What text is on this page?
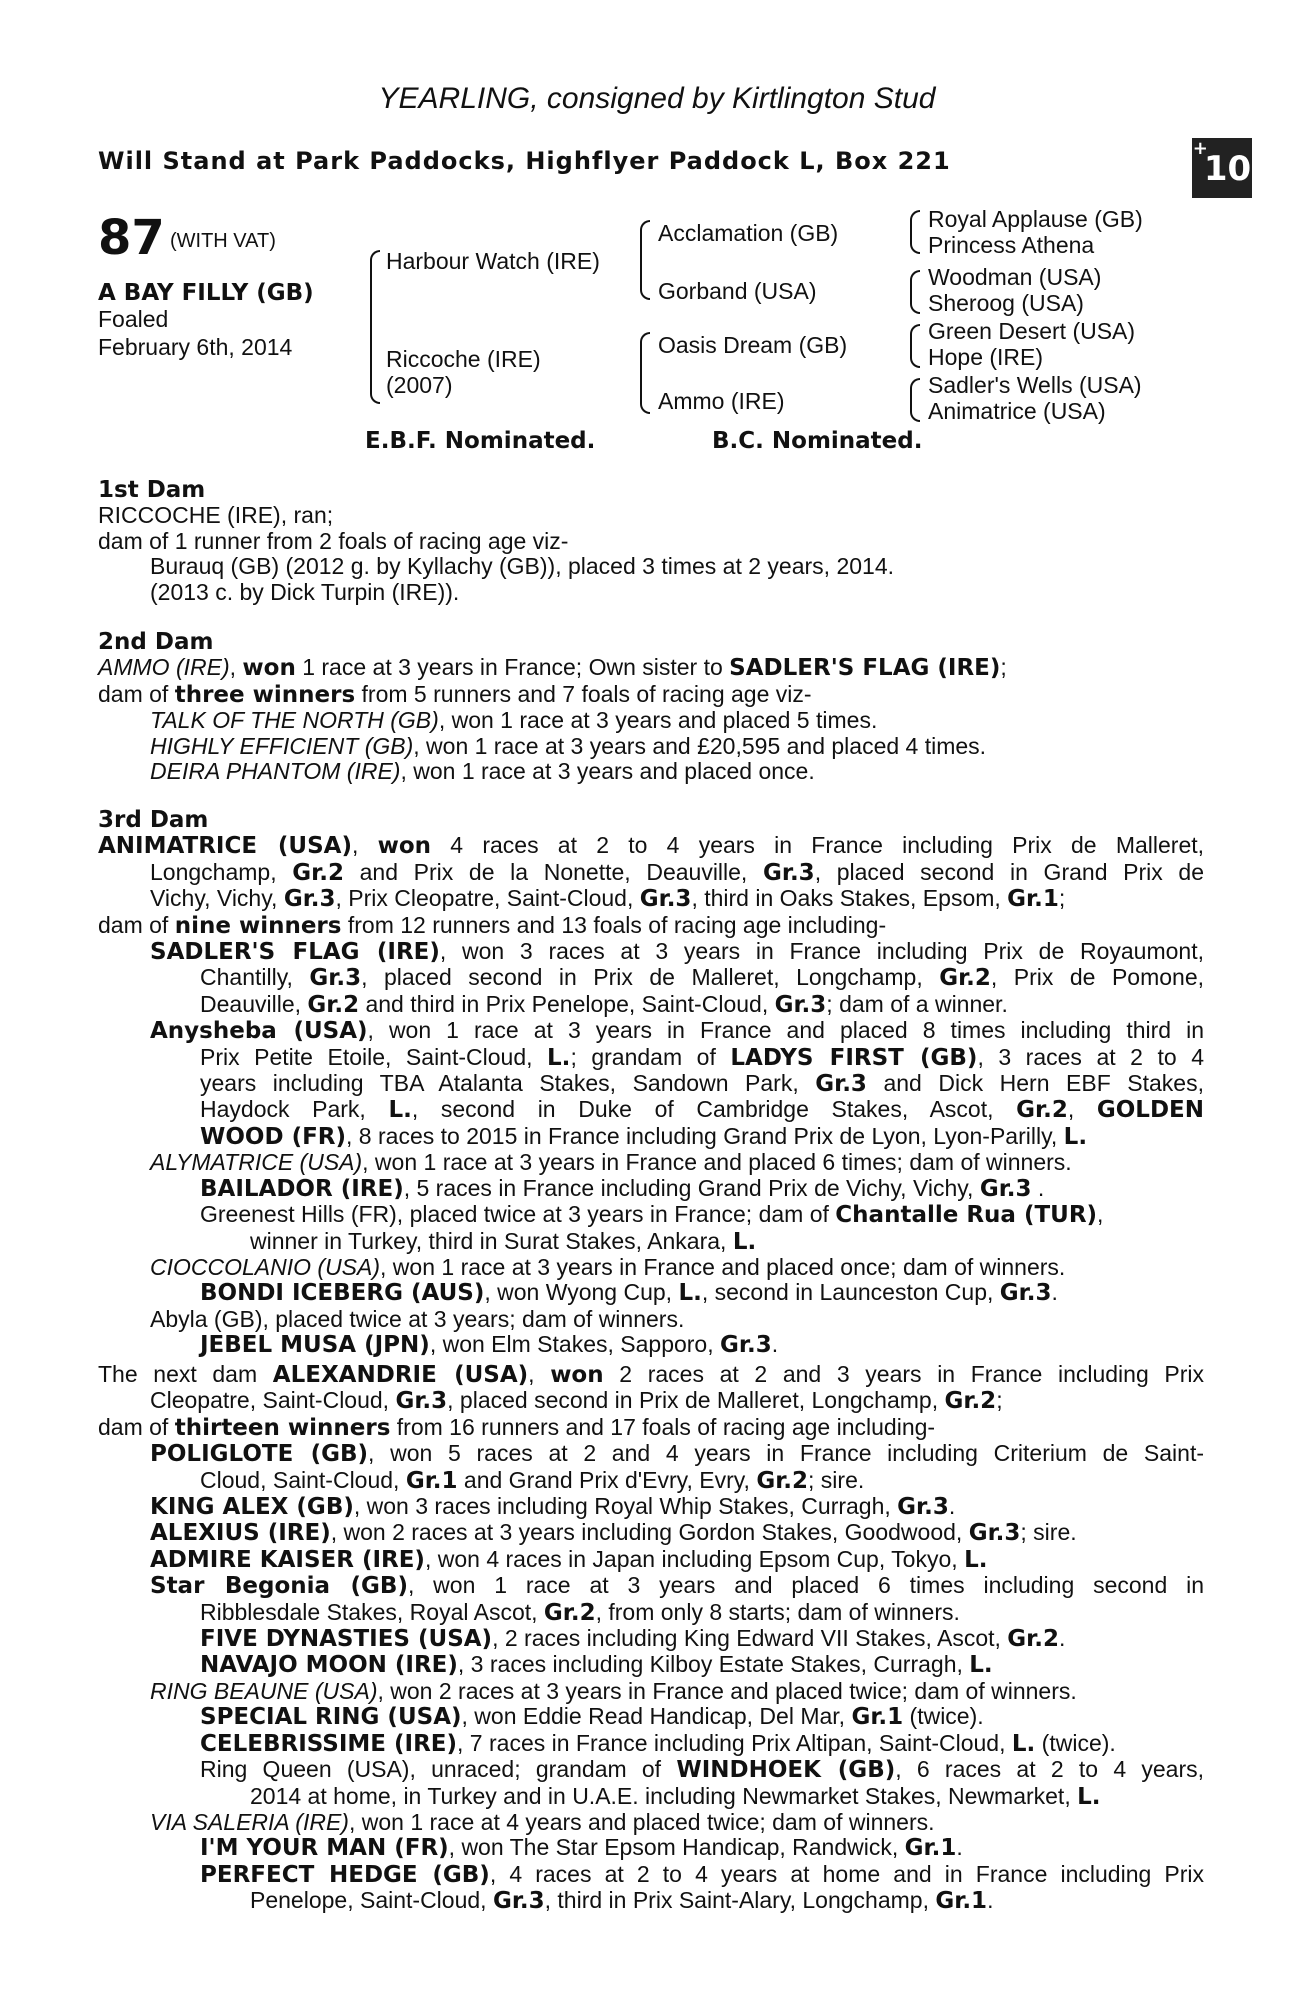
YEARLING, consigned by Kirtlington Stud
Will Stand at Park Paddocks, Highflyer Paddock L, Box 221	+10
87 (WITH VAT)
A BAY FILLY (GB)
Foaled
February 6th, 2014
Harbour Watch (IRE)
Riccoche (IRE)
(2007)
Acclamation (GB)
Gorband (USA)
Oasis Dream (GB)
Ammo (IRE)
Royal Applause (GB)
Princess Athena
Woodman (USA)
Sheroog (USA)
Green Desert (USA)
Hope (IRE)
Sadler's Wells (USA)
Animatrice (USA)
E.B.F. Nominated.	B.C. Nominated.
1st Dam
RICCOCHE (IRE), ran;
dam of 1 runner from 2 foals of racing age viz-
Burauq (GB) (2012 g. by Kyllachy (GB)), placed 3 times at 2 years, 2014.
(2013 c. by Dick Turpin (IRE)).
2nd Dam
AMMO (IRE), won 1 race at 3 years in France; Own sister to SADLER'S FLAG (IRE);
dam of three winners from 5 runners and 7 foals of racing age viz-
TALK OF THE NORTH (GB), won 1 race at 3 years and placed 5 times.
HIGHLY EFFICIENT (GB), won 1 race at 3 years and £20,595 and placed 4 times.
DEIRA PHANTOM (IRE), won 1 race at 3 years and placed once.
3rd Dam
ANIMATRICE (USA), won 4 races at 2 to 4 years in France including Prix de Malleret,
Longchamp, Gr.2 and Prix de la Nonette, Deauville, Gr.3, placed second in Grand Prix de
Vichy, Vichy, Gr.3, Prix Cleopatre, Saint-Cloud, Gr.3, third in Oaks Stakes, Epsom, Gr.1;
dam of nine winners from 12 runners and 13 foals of racing age including-
SADLER'S FLAG (IRE), won 3 races at 3 years in France including Prix de Royaumont,
Chantilly, Gr.3, placed second in Prix de Malleret, Longchamp, Gr.2, Prix de Pomone,
Deauville, Gr.2 and third in Prix Penelope, Saint-Cloud, Gr.3; dam of a winner.
Anysheba (USA), won 1 race at 3 years in France and placed 8 times including third in
Prix Petite Etoile, Saint-Cloud, L.; grandam of LADYS FIRST (GB), 3 races at 2 to 4
years including TBA Atalanta Stakes, Sandown Park, Gr.3 and Dick Hern EBF Stakes,
Haydock Park, L., second in Duke of Cambridge Stakes, Ascot, Gr.2, GOLDEN
WOOD (FR), 8 races to 2015 in France including Grand Prix de Lyon, Lyon-Parilly, L.
ALYMATRICE (USA), won 1 race at 3 years in France and placed 6 times; dam of winners.
BAILADOR (IRE), 5 races in France including Grand Prix de Vichy, Vichy, Gr.3 .
Greenest Hills (FR), placed twice at 3 years in France; dam of Chantalle Rua (TUR),
winner in Turkey, third in Surat Stakes, Ankara, L.
CIOCCOLANIO (USA), won 1 race at 3 years in France and placed once; dam of winners.
BONDI ICEBERG (AUS), won Wyong Cup, L., second in Launceston Cup, Gr.3.
Abyla (GB), placed twice at 3 years; dam of winners.
JEBEL MUSA (JPN), won Elm Stakes, Sapporo, Gr.3.
The next dam ALEXANDRIE (USA), won 2 races at 2 and 3 years in France including Prix
Cleopatre, Saint-Cloud, Gr.3, placed second in Prix de Malleret, Longchamp, Gr.2;
dam of thirteen winners from 16 runners and 17 foals of racing age including-
POLIGLOTE (GB), won 5 races at 2 and 4 years in France including Criterium de Saint-
Cloud, Saint-Cloud, Gr.1 and Grand Prix d'Evry, Evry, Gr.2; sire.
KING ALEX (GB), won 3 races including Royal Whip Stakes, Curragh, Gr.3.
ALEXIUS (IRE), won 2 races at 3 years including Gordon Stakes, Goodwood, Gr.3; sire.
ADMIRE KAISER (IRE), won 4 races in Japan including Epsom Cup, Tokyo, L.
Star Begonia (GB), won 1 race at 3 years and placed 6 times including second in
Ribblesdale Stakes, Royal Ascot, Gr.2, from only 8 starts; dam of winners.
FIVE DYNASTIES (USA), 2 races including King Edward VII Stakes, Ascot, Gr.2.
NAVAJO MOON (IRE), 3 races including Kilboy Estate Stakes, Curragh, L.
RING BEAUNE (USA), won 2 races at 3 years in France and placed twice; dam of winners.
SPECIAL RING (USA), won Eddie Read Handicap, Del Mar, Gr.1 (twice).
CELEBRISSIME (IRE), 7 races in France including Prix Altipan, Saint-Cloud, L. (twice).
Ring Queen (USA), unraced; grandam of WINDHOEK (GB), 6 races at 2 to 4 years,
2014 at home, in Turkey and in U.A.E. including Newmarket Stakes, Newmarket, L.
VIA SALERIA (IRE), won 1 race at 4 years and placed twice; dam of winners.
I'M YOUR MAN (FR), won The Star Epsom Handicap, Randwick, Gr.1.
PERFECT HEDGE (GB), 4 races at 2 to 4 years at home and in France including Prix
Penelope, Saint-Cloud, Gr.3, third in Prix Saint-Alary, Longchamp, Gr.1.
